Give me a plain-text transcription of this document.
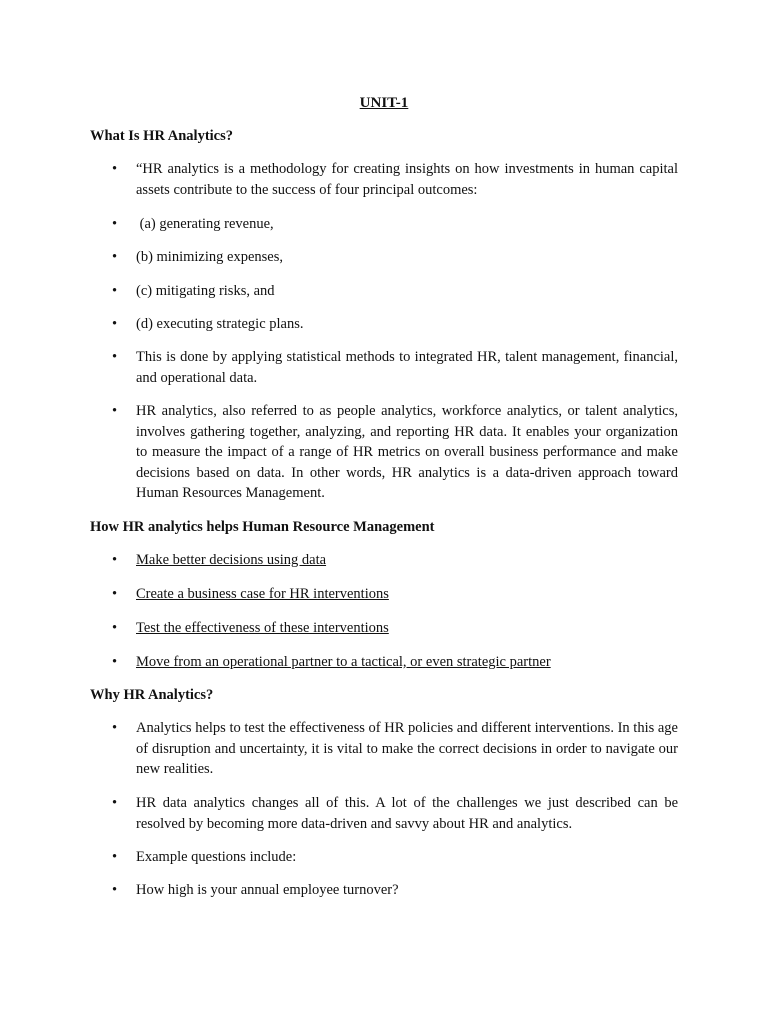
UNIT-1
What Is HR Analytics?
•	“HR analytics is a methodology for creating insights on how investments in human capital assets contribute to the success of four principal outcomes:
•	(a) generating revenue,
•	(b) minimizing expenses,
•	(c) mitigating risks, and
•	(d) executing strategic plans.
•	This is done by applying statistical methods to integrated HR, talent management, financial, and operational data.
•	HR analytics, also referred to as people analytics, workforce analytics, or talent analytics, involves gathering together, analyzing, and reporting HR data. It enables your organization to measure the impact of a range of HR metrics on overall business performance and make decisions based on data. In other words, HR analytics is a data-driven approach toward Human Resources Management.
How HR analytics helps Human Resource Management
•	Make better decisions using data
•	Create a business case for HR interventions
•	Test the effectiveness of these interventions
•	Move from an operational partner to a tactical, or even strategic partner
Why HR Analytics?
•	Analytics helps to test the effectiveness of HR policies and different interventions. In this age of disruption and uncertainty, it is vital to make the correct decisions in order to navigate our new realities.
•	HR data analytics changes all of this. A lot of the challenges we just described can be resolved by becoming more data-driven and savvy about HR and analytics.
•	Example questions include:
•	How high is your annual employee turnover?
